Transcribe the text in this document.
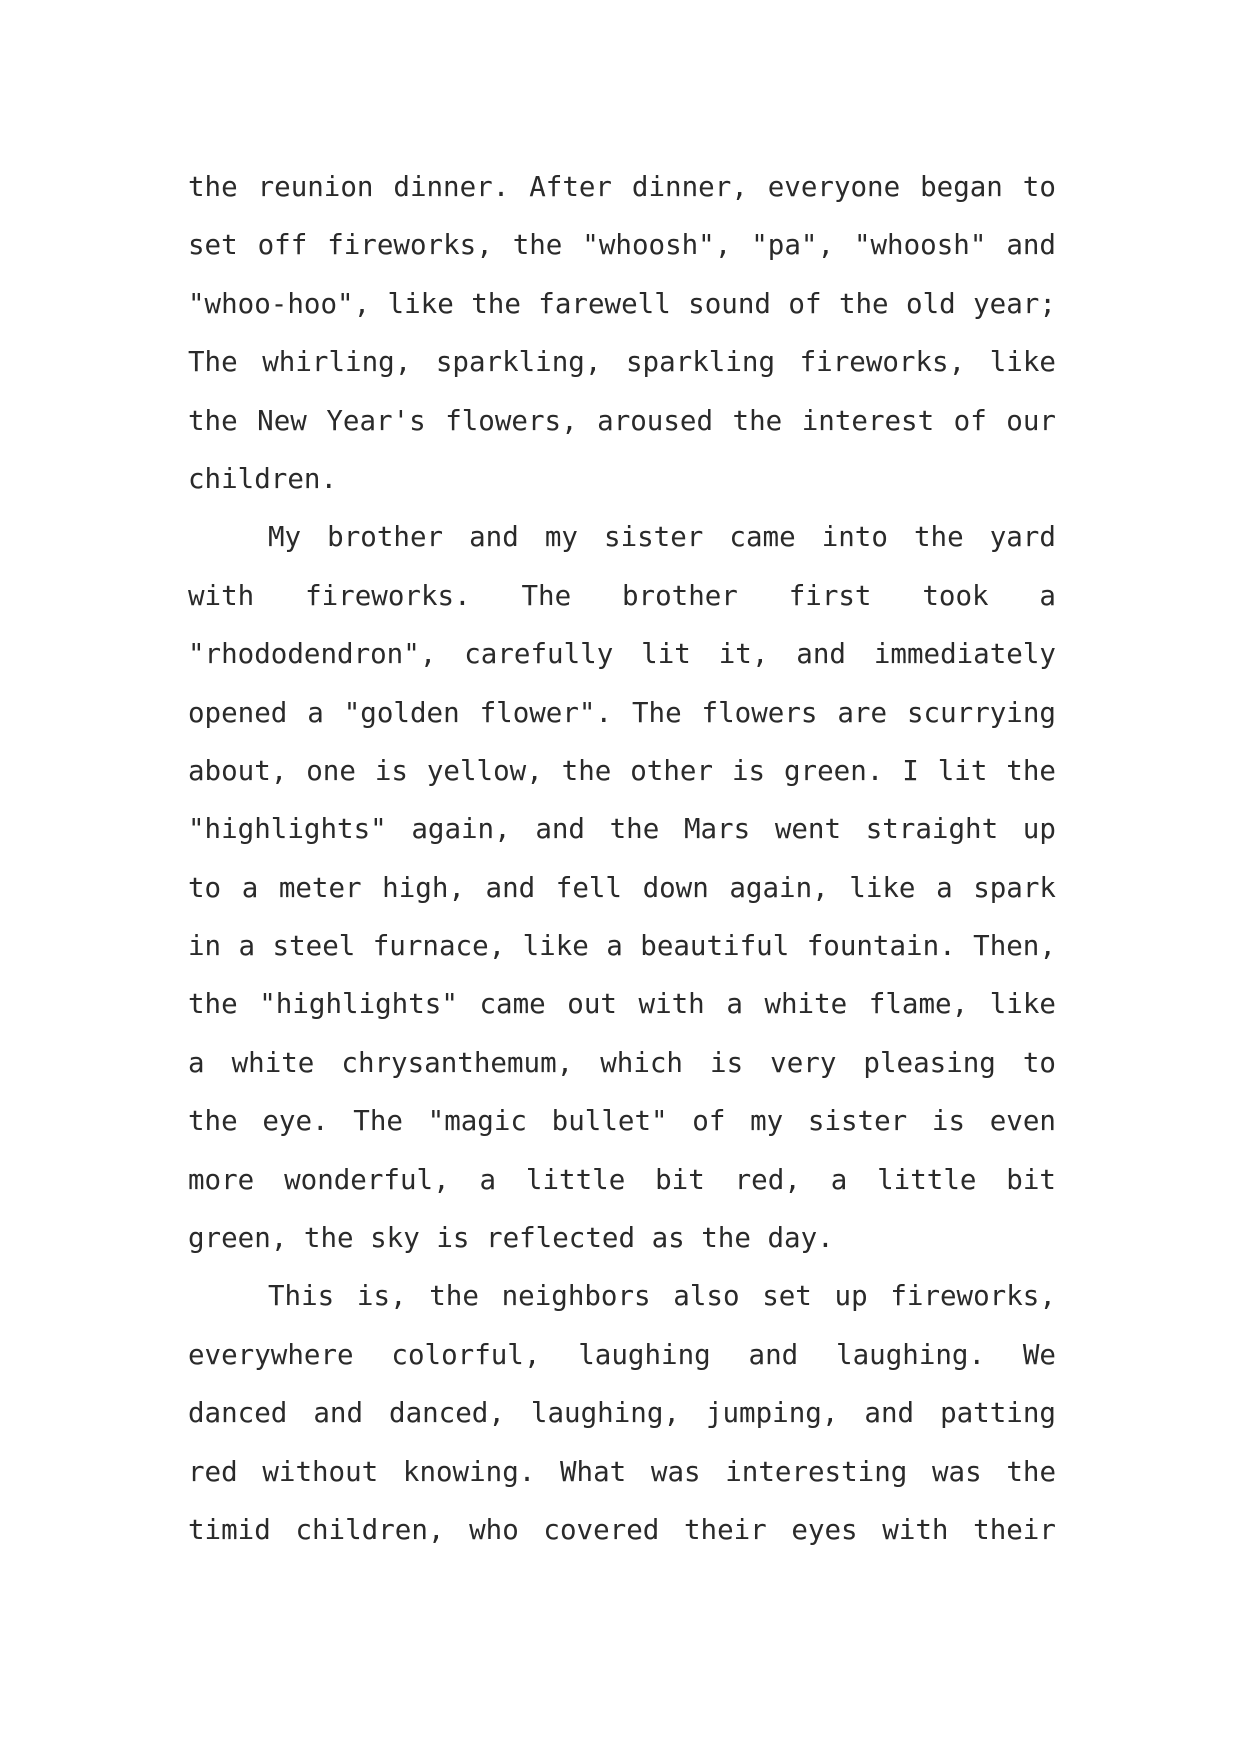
the reunion dinner. After dinner, everyone began to
set off fireworks, the "whoosh", "pa", "whoosh" and
"whoo-hoo", like the farewell sound of the old year;
The whirling, sparkling, sparkling fireworks, like
the New Year's flowers, aroused the interest of our
children.
My brother and my sister came into the yard
with fireworks. The brother first took a
"rhododendron", carefully lit it, and immediately
opened a "golden flower". The flowers are scurrying
about, one is yellow, the other is green. I lit the
"highlights" again, and the Mars went straight up
to a meter high, and fell down again, like a spark
in a steel furnace, like a beautiful fountain. Then,
the "highlights" came out with a white flame, like
a white chrysanthemum, which is very pleasing to
the eye. The "magic bullet" of my sister is even
more wonderful, a little bit red, a little bit
green, the sky is reflected as the day.
This is, the neighbors also set up fireworks,
everywhere colorful, laughing and laughing. We
danced and danced, laughing, jumping, and patting
red without knowing. What was interesting was the
timid children, who covered their eyes with their
